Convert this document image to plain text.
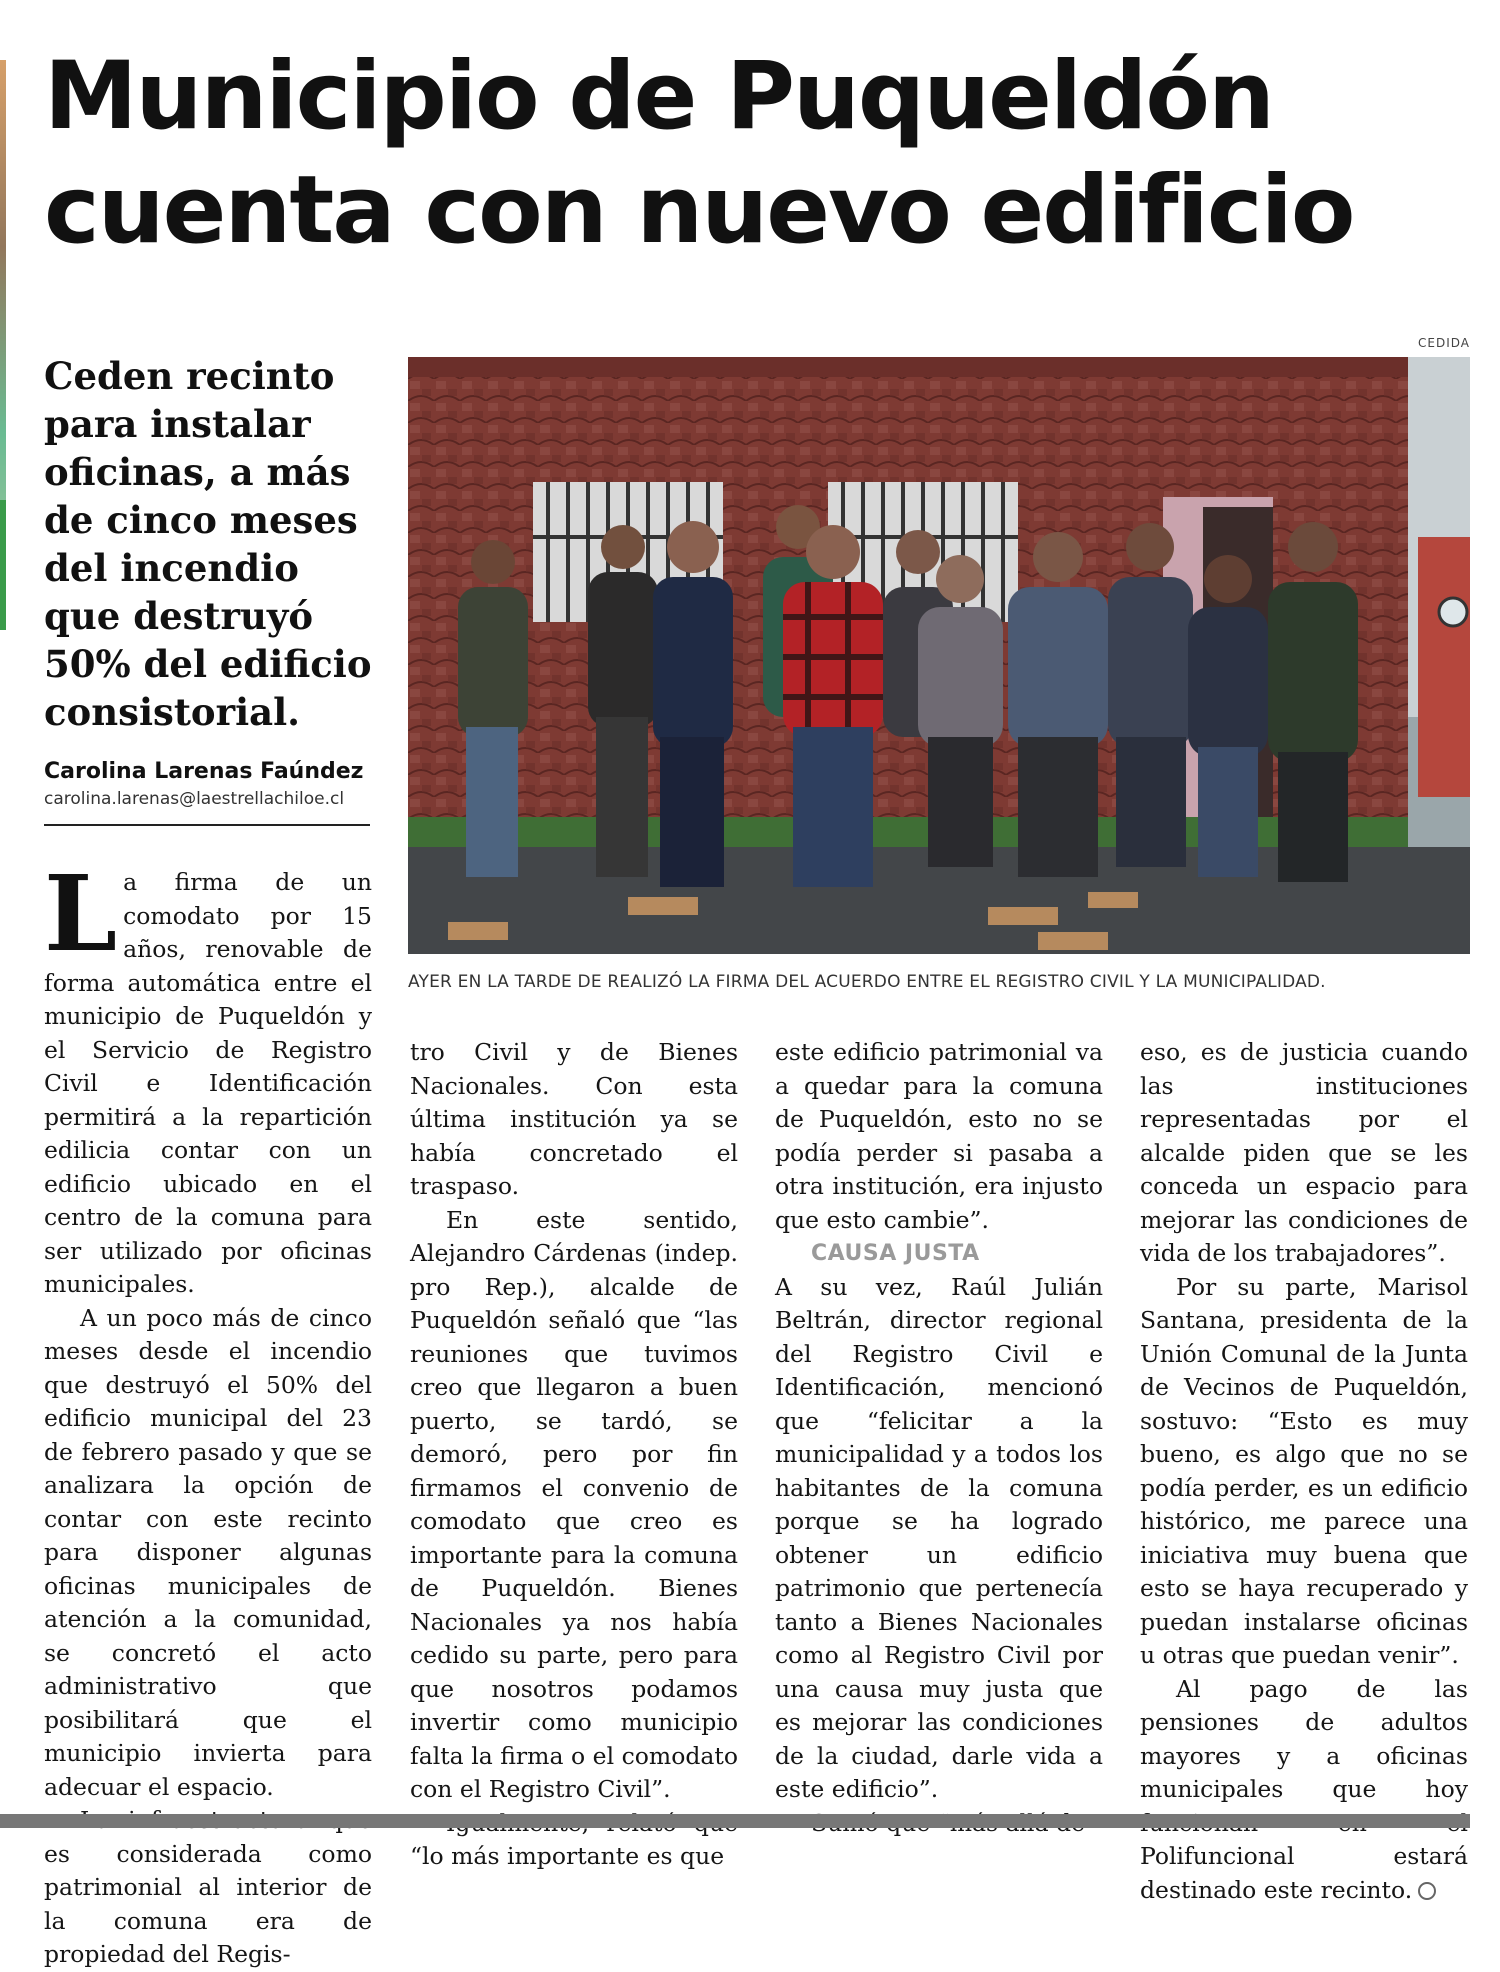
Municipio de Puqueldón
cuenta con nuevo edificio
Ceden recinto para instalar oficinas, a más de cinco meses del incendio que destruyó 50% del edificio consistorial.
Carolina Larenas Faúndez
carolina.larenas@laestrellachiloe.cl
CEDIDA
AYER EN LA TARDE DE REALIZÓ LA FIRMA DEL ACUERDO ENTRE EL REGISTRO CIVIL Y LA MUNICIPALIDAD.

La firma de un comodato por 15 años, renovable de forma automática entre el municipio de Puqueldón y el Servicio de Registro Civil e Identificación permitirá a la repartición edilicia contar con un edificio ubicado en el centro de la comuna para ser utilizado por oficinas municipales.

A un poco más de cinco meses desde el incendio que destruyó el 50% del edificio municipal del 23 de febrero pasado y que se analizara la opción de contar con este recinto para disponer algunas oficinas municipales de atención a la comunidad, se concretó el acto administrativo que posibilitará que el municipio invierta para adecuar el espacio.

es considerada como patrimonial al interior de la comuna era de propiedad del Regis-

tro Civil y de Bienes Nacionales. Con esta última institución ya se había concretado el traspaso.

En este sentido, Alejandro Cárdenas (indep. pro Rep.), alcalde de Puqueldón señaló que “las reuniones que tuvimos creo que llegaron a buen puerto, se tardó, se demoró, pero por fin firmamos el convenio de comodato que creo es importante para la comuna de Puqueldón. Bienes Nacionales ya nos había cedido su parte, pero para que nosotros podamos invertir como municipio falta la firma o el comodato con el Registro Civil”.

“lo más importante es que

este edificio patrimonial va a quedar para la comuna de Puqueldón, esto no se podía perder si pasaba a otra institución, era injusto que esto cambie”.

CAUSA JUSTA

A su vez, Raúl Julián Beltrán, director regional del Registro Civil e Identificación, mencionó que “felicitar a la municipalidad y a todos los habitantes de la comuna porque se ha logrado obtener un edificio patrimonio que pertenecía tanto a Bienes Nacionales como al Registro Civil por una causa muy justa que es mejorar las condiciones de la ciudad, darle vida a este edificio”.

eso, es de justicia cuando las instituciones representadas por el alcalde piden que se les conceda un espacio para mejorar las condiciones de vida de los trabajadores”.

Por su parte, Marisol Santana, presidenta de la Unión Comunal de la Junta de Vecinos de Puqueldón, sostuvo: “Esto es muy bueno, es algo que no se podía perder, es un edificio histórico, me parece una iniciativa muy buena que esto se haya recuperado y puedan instalarse oficinas u otras que puedan venir”.

Al pago de las pensiones de adultos mayores y a oficinas municipales que hoy Polifuncional estará destinado este recinto.
